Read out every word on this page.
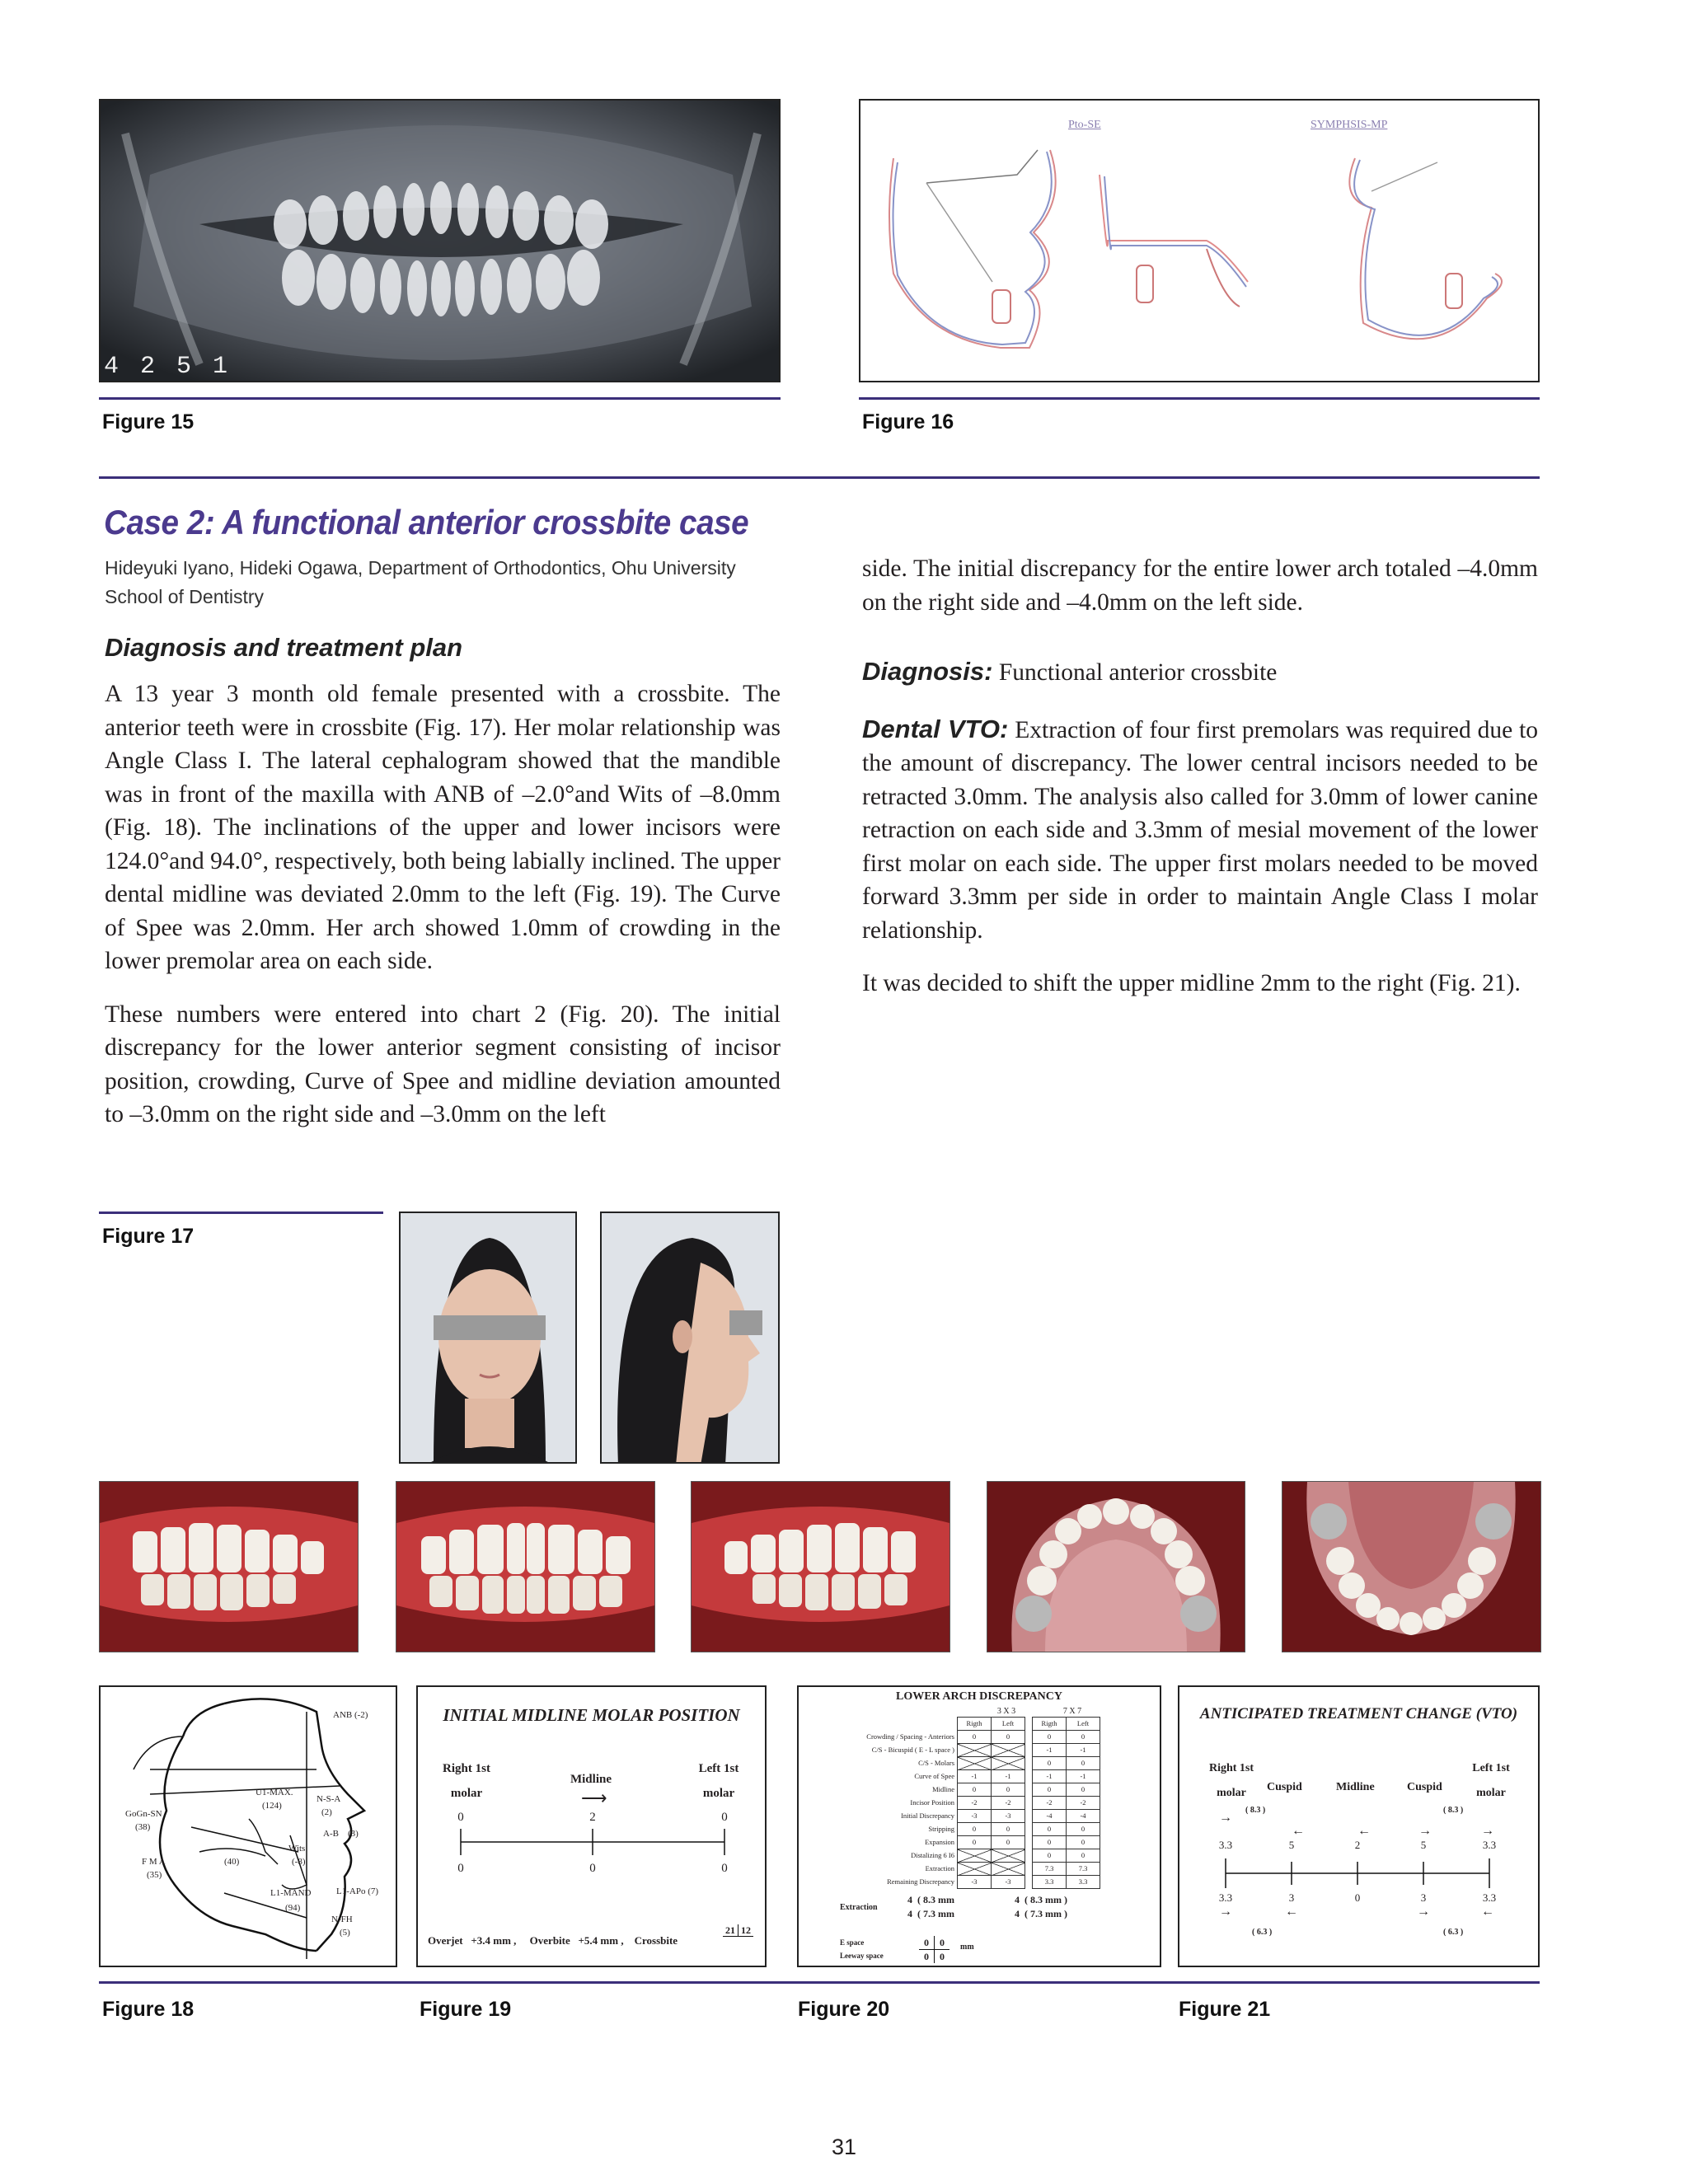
4 2 5 1
Figure 15
Pto-SE	SYMPHSIS-MP
Figure 16
Case 2: A functional anterior crossbite case
Hideyuki Iyano, Hideki Ogawa, Department of Orthodontics, Ohu University School of Dentistry
Diagnosis and treatment plan

A 13 year 3 month old female presented with a crossbite. The anterior teeth were in crossbite (Fig. 17). Her molar relationship was Angle Class I. The lateral cephalogram showed that the mandible was in front of the maxilla with ANB of –2.0°and Wits of –8.0mm (Fig. 18). The inclinations of the upper and lower incisors were 124.0°and 94.0°, respectively, both being labially inclined. The upper dental midline was deviated 2.0mm to the left (Fig. 19). The Curve of Spee was 2.0mm. Her arch showed 1.0mm of crowding in the lower premolar area on each side.

These numbers were entered into chart 2 (Fig. 20). The initial discrepancy for the lower anterior segment consisting of incisor position, crowding, Curve of Spee and midline deviation amounted to –3.0mm on the right side and –3.0mm on the left

side. The initial discrepancy for the entire lower arch totaled –4.0mm on the right side and –4.0mm on the left side.

Diagnosis: Functional anterior crossbite

Dental VTO: Extraction of four first premolars was required due to the amount of discrepancy. The lower central incisors needed to be retracted 3.0mm. The analysis also called for 3.0mm of lower canine retraction on each side and 3.3mm of mesial movement of the lower first molar on each side. The upper first molars needed to be moved forward 3.3mm per side in order to maintain Angle Class I molar relationship.

It was decided to shift the upper midline 2mm to the right (Fig. 21).

Figure 17
ANB (-2)
U1-MAX.
(124)
N-S-A
(2)
GoGn-SN
(38)
A-B (3)
Wits
(-8)
(40)
F M A
(35)
L1-MAND
(94)
L1-APo (7)
N-FH
(5)
INITIAL MIDLINE MOLAR POSITION
Right 1st
molar
Midline
⟶
Left 1st
molar
0	2	0
0	0	0
Overjet +3.4 mm , Overbite +5.4 mm , Crossbite
21 12
LOWER ARCH DISCREPANCY
3 X 3	7 X 7
	Rigth	Left		Rigth	Left
Crowding / Spacing - Anteriors	0	0		0	0
C/S - Bicuspid ( E - L space )				-1	-1
C/S - Molars				0	0
Curve of Spee	-1	-1		-1	-1
Midline	0	0		0	0
Incisor Position	-2	-2		-2	-2
Initial Discrepancy	-3	-3		-4	-4
Stripping	0	0		0	0
Expansion	0	0		0	0
Distalizing 6 I6				0	0
Extraction				7.3	7.3
Remaining Discrepancy	-3	-3		3.3	3.3
Extraction
4 ( 8.3 mm
4 ( 7.3 mm
4 ( 8.3 mm )
4 ( 7.3 mm )
E space
Leeway space
0 0
0 0
mm
ANTICIPATED TREATMENT CHANGE (VTO)
Right 1st
molar	Cuspid	Midline	Cuspid
Left 1st
molar
( 8.3 )	( 8.3 )
→
←	←	→	→
3.3	5	2	5	3.3
3.3	3	0	3	3.3
→	←	→	←
( 6.3 )	( 6.3 )
Figure 18	Figure 19	Figure 20	Figure 21
31
